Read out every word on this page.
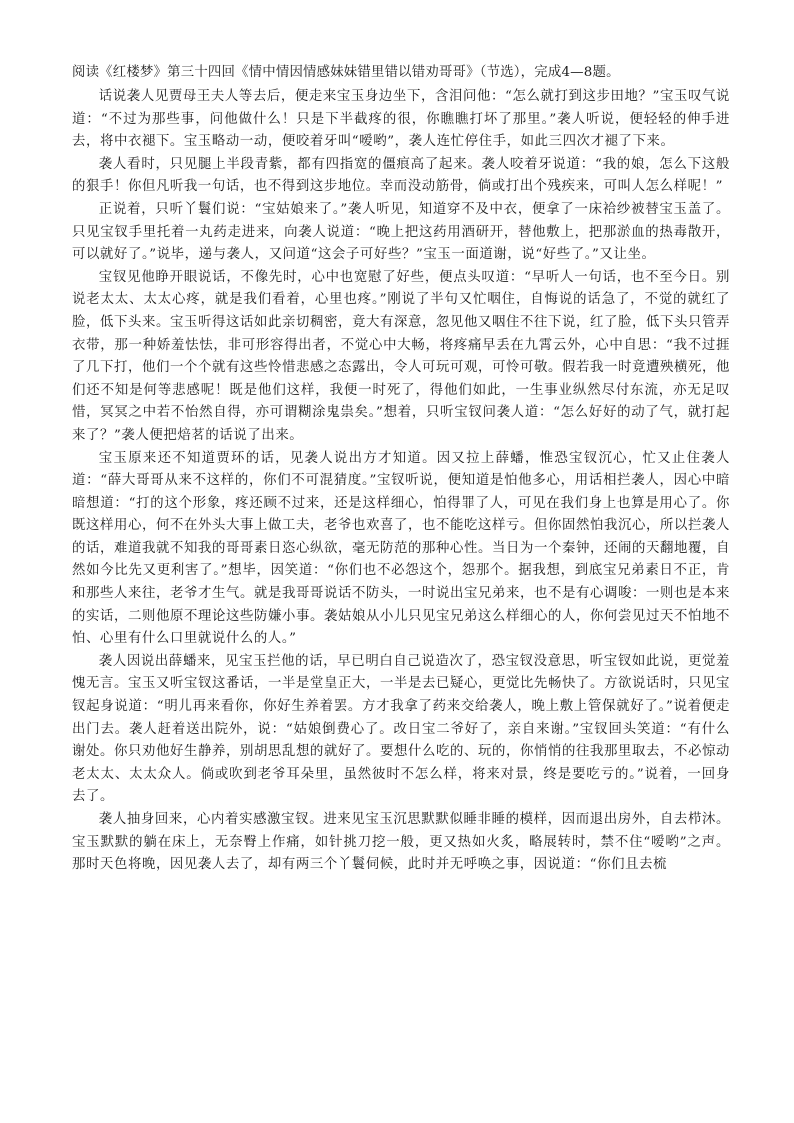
阅读《红楼梦》第三十四回《情中情因情感妹妹错里错以错劝哥哥》（节选），完成4—8题。

话说袭人见贾母王夫人等去后，便走来宝玉身边坐下，含泪问他：“怎么就打到这步田地？”宝玉叹气说道：“不过为那些事，问他做什么！只是下半截疼的很，你瞧瞧打坏了那里。”袭人听说，便轻轻的伸手进去，将中衣褪下。宝玉略动一动，便咬着牙叫“嗳哟”，袭人连忙停住手，如此三四次才褪了下来。

袭人看时，只见腿上半段青紫，都有四指宽的僵痕高了起来。袭人咬着牙说道：“我的娘，怎么下这般的狠手！你但凡听我一句话，也不得到这步地位。幸而没动筋骨，倘或打出个残疾来，可叫人怎么样呢！”

正说着，只听丫鬟们说：“宝姑娘来了。”袭人听见，知道穿不及中衣，便拿了一床袷纱被替宝玉盖了。只见宝钗手里托着一丸药走进来，向袭人说道：“晚上把这药用酒研开，替他敷上，把那淤血的热毒散开，可以就好了。”说毕，递与袭人，又问道“这会子可好些？”宝玉一面道谢，说“好些了。”又让坐。

宝钗见他睁开眼说话，不像先时，心中也宽慰了好些，便点头叹道：“早听人一句话，也不至今日。别说老太太、太太心疼，就是我们看着，心里也疼。”刚说了半句又忙咽住，自悔说的话急了，不觉的就红了脸，低下头来。宝玉听得这话如此亲切稠密，竟大有深意，忽见他又咽住不往下说，红了脸，低下头只管弄衣带，那一种娇羞怯怯，非可形容得出者，不觉心中大畅，将疼痛早丢在九霄云外，心中自思：“我不过捱了几下打，他们一个个就有这些怜惜悲感之态露出，令人可玩可观，可怜可敬。假若我一时竟遭殃横死，他们还不知是何等悲感呢！既是他们这样，我便一时死了，得他们如此，一生事业纵然尽付东流，亦无足叹惜，冥冥之中若不怡然自得，亦可谓糊涂鬼祟矣。”想着，只听宝钗问袭人道：“怎么好好的动了气，就打起来了？”袭人便把焙茗的话说了出来。

宝玉原来还不知道贾环的话，见袭人说出方才知道。因又拉上薛蟠，惟恐宝钗沉心，忙又止住袭人道：“薛大哥哥从来不这样的，你们不可混猜度。”宝钗听说，便知道是怕他多心，用话相拦袭人，因心中暗暗想道：“打的这个形象，疼还顾不过来，还是这样细心，怕得罪了人，可见在我们身上也算是用心了。你既这样用心，何不在外头大事上做工夫，老爷也欢喜了，也不能吃这样亏。但你固然怕我沉心，所以拦袭人的话，难道我就不知我的哥哥素日恣心纵欲，毫无防范的那种心性。当日为一个秦钟，还闹的天翻地覆，自然如今比先又更利害了。”想毕，因笑道：“你们也不必怨这个，怨那个。据我想，到底宝兄弟素日不正，肯和那些人来往，老爷才生气。就是我哥哥说话不防头，一时说出宝兄弟来，也不是有心调唆：一则也是本来的实话，二则他原不理论这些防嫌小事。袭姑娘从小儿只见宝兄弟这么样细心的人，你何尝见过天不怕地不怕、心里有什么口里就说什么的人。”

袭人因说出薛蟠来，见宝玉拦他的话，早已明白自己说造次了，恐宝钗没意思，听宝钗如此说，更觉羞愧无言。宝玉又听宝钗这番话，一半是堂皇正大，一半是去已疑心，更觉比先畅快了。方欲说话时，只见宝钗起身说道：“明儿再来看你，你好生养着罢。方才我拿了药来交给袭人，晚上敷上管保就好了。”说着便走出门去。袭人赶着送出院外，说：“姑娘倒费心了。改日宝二爷好了，亲自来谢。”宝钗回头笑道：“有什么谢处。你只劝他好生静养，别胡思乱想的就好了。要想什么吃的、玩的，你悄悄的往我那里取去，不必惊动老太太、太太众人。倘或吹到老爷耳朵里，虽然彼时不怎么样，将来对景，终是要吃亏的。”说着，一回身去了。

袭人抽身回来，心内着实感激宝钗。进来见宝玉沉思默默似睡非睡的模样，因而退出房外，自去栉沐。宝玉默默的躺在床上，无奈臀上作痛，如针挑刀挖一般，更又热如火炙，略展转时，禁不住“嗳哟”之声。那时天色将晚，因见袭人去了，却有两三个丫鬟伺候，此时并无呼唤之事，因说道：“你们且去梳
